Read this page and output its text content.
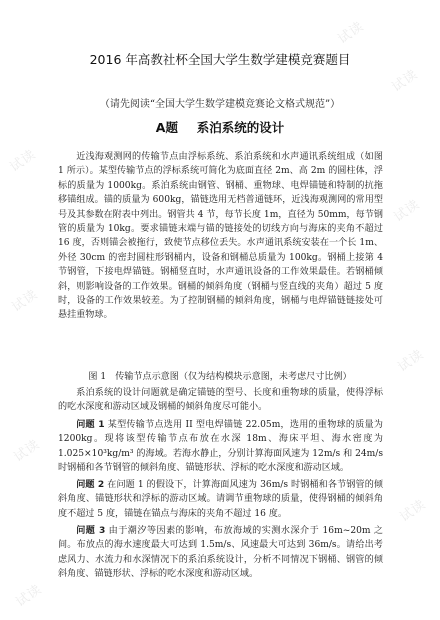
试读
试读
试读
试读
试读
试读
试读
试读
试读
2016 年高教社杯全国大学生数学建模竞赛题目
（请先阅读“全国大学生数学建模竞赛论文格式规范”）
A题 系泊系统的设计

近浅海观测网的传输节点由浮标系统、系泊系统和水声通讯系统组成（如图 1 所示）。某型传输节点的浮标系统可简化为底面直径 2m、高 2m 的圆柱体，浮标的质量为 1000kg。系泊系统由钢管、钢桶、重物球、电焊锚链和特制的抗拖移锚组成。锚的质量为 600kg，锚链选用无档普通链环，近浅海观测网的常用型号及其参数在附表中列出。钢管共 4 节，每节长度 1m，直径为 50mm，每节钢管的质量为 10kg。要求锚链末端与锚的链接处的切线方向与海床的夹角不超过 16 度，否则锚会被拖行，致使节点移位丢失。水声通讯系统安装在一个长 1m、外径 30cm 的密封圆柱形钢桶内，设备和钢桶总质量为 100kg。钢桶上接第 4 节钢管，下接电焊锚链。钢桶竖直时，水声通讯设备的工作效果最佳。若钢桶倾斜，则影响设备的工作效果。钢桶的倾斜角度（钢桶与竖直线的夹角）超过 5 度时，设备的工作效果较差。为了控制钢桶的倾斜角度，钢桶与电焊锚链链接处可悬挂重物球。

图 1　传输节点示意图（仅为结构模块示意图，未考虑尺寸比例）

系泊系统的设计问题就是确定锚链的型号、长度和重物球的质量，使得浮标的吃水深度和游动区域及钢桶的倾斜角度尽可能小。

问题 1 某型传输节点选用 II 型电焊锚链 22.05m，选用的重物球的质量为 1200kg。现将该型传输节点布放在水深 18m、海床平坦、海水密度为 1.025×10³kg/m³ 的海域。若海水静止，分别计算海面风速为 12m/s 和 24m/s 时钢桶和各节钢管的倾斜角度、锚链形状、浮标的吃水深度和游动区域。

问题 2 在问题 1 的假设下，计算海面风速为 36m/s 时钢桶和各节钢管的倾斜角度、锚链形状和浮标的游动区域。请调节重物球的质量，使得钢桶的倾斜角度不超过 5 度，锚链在锚点与海床的夹角不超过 16 度。

问题 3 由于潮汐等因素的影响，布放海域的实测水深介于 16m~20m 之间。布放点的海水速度最大可达到 1.5m/s、风速最大可达到 36m/s。请给出考虑风力、水流力和水深情况下的系泊系统设计，分析不同情况下钢桶、钢管的倾斜角度、锚链形状、浮标的吃水深度和游动区域。
